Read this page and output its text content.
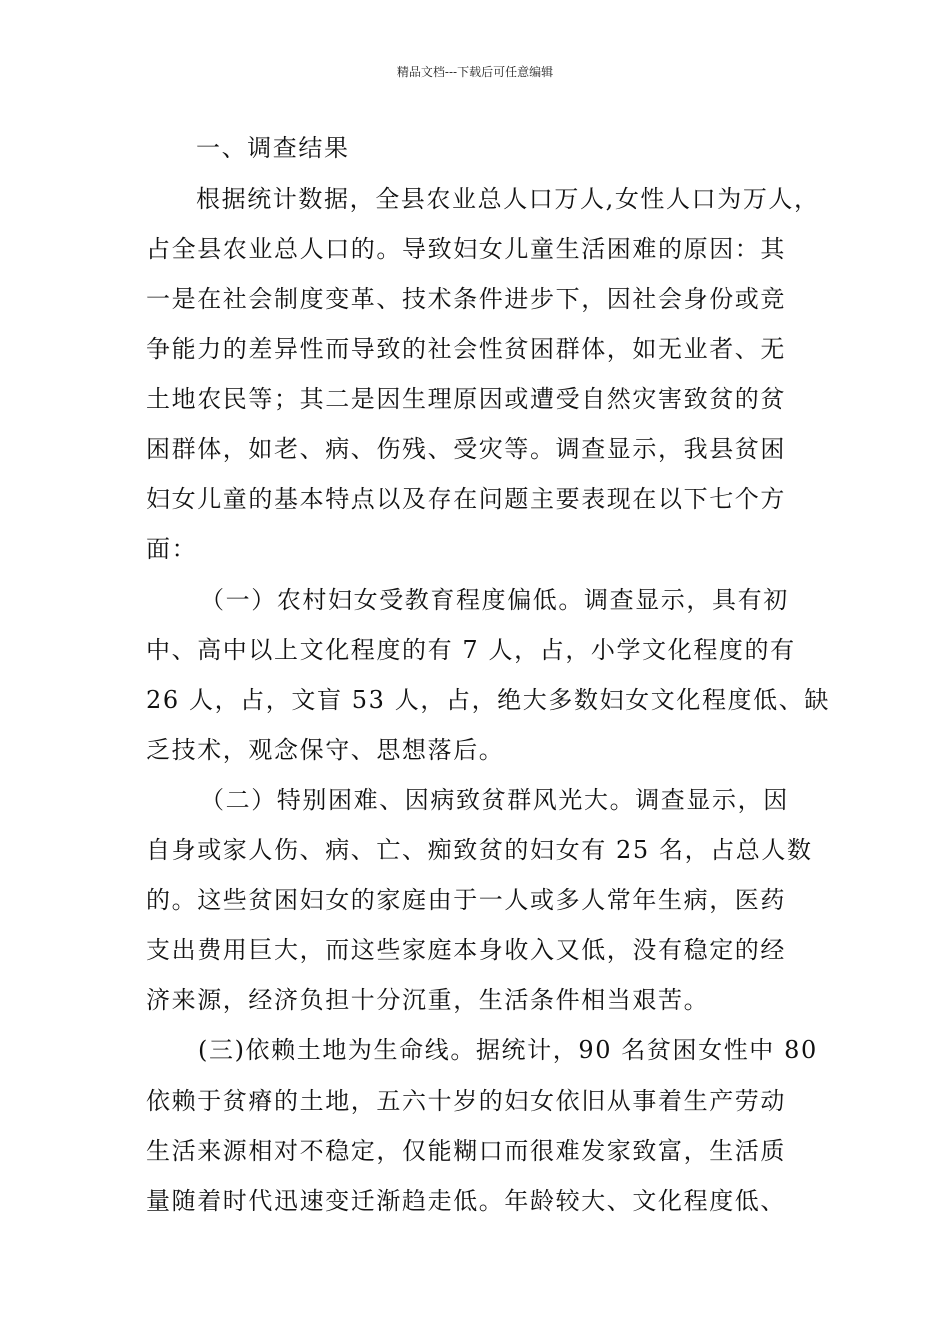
精品文档---下载后可任意编辑
一、调查结果
根据统计数据，全县农业总人口万人,女性人口为万人，
占全县农业总人口的。导致妇女儿童生活困难的原因：其
一是在社会制度变革、技术条件进步下，因社会身份或竞
争能力的差异性而导致的社会性贫困群体，如无业者、无
土地农民等；其二是因生理原因或遭受自然灾害致贫的贫
困群体，如老、病、伤残、受灾等。调查显示，我县贫困
妇女儿童的基本特点以及存在问题主要表现在以下七个方
面：
（一）农村妇女受教育程度偏低。调查显示，具有初
中、高中以上文化程度的有 7 人，占，小学文化程度的有
26 人，占，文盲 53 人，占，绝大多数妇女文化程度低、缺
乏技术，观念保守、思想落后。
（二）特别困难、因病致贫群风光大。调查显示，因
自身或家人伤、病、亡、痴致贫的妇女有 25 名，占总人数
的。这些贫困妇女的家庭由于一人或多人常年生病，医药
支出费用巨大，而这些家庭本身收入又低，没有稳定的经
济来源，经济负担十分沉重，生活条件相当艰苦。
(三)依赖土地为生命线。据统计，90 名贫困女性中 80
依赖于贫瘠的土地，五六十岁的妇女依旧从事着生产劳动
生活来源相对不稳定，仅能糊口而很难发家致富，生活质
量随着时代迅速变迁渐趋走低。年龄较大、文化程度低、
